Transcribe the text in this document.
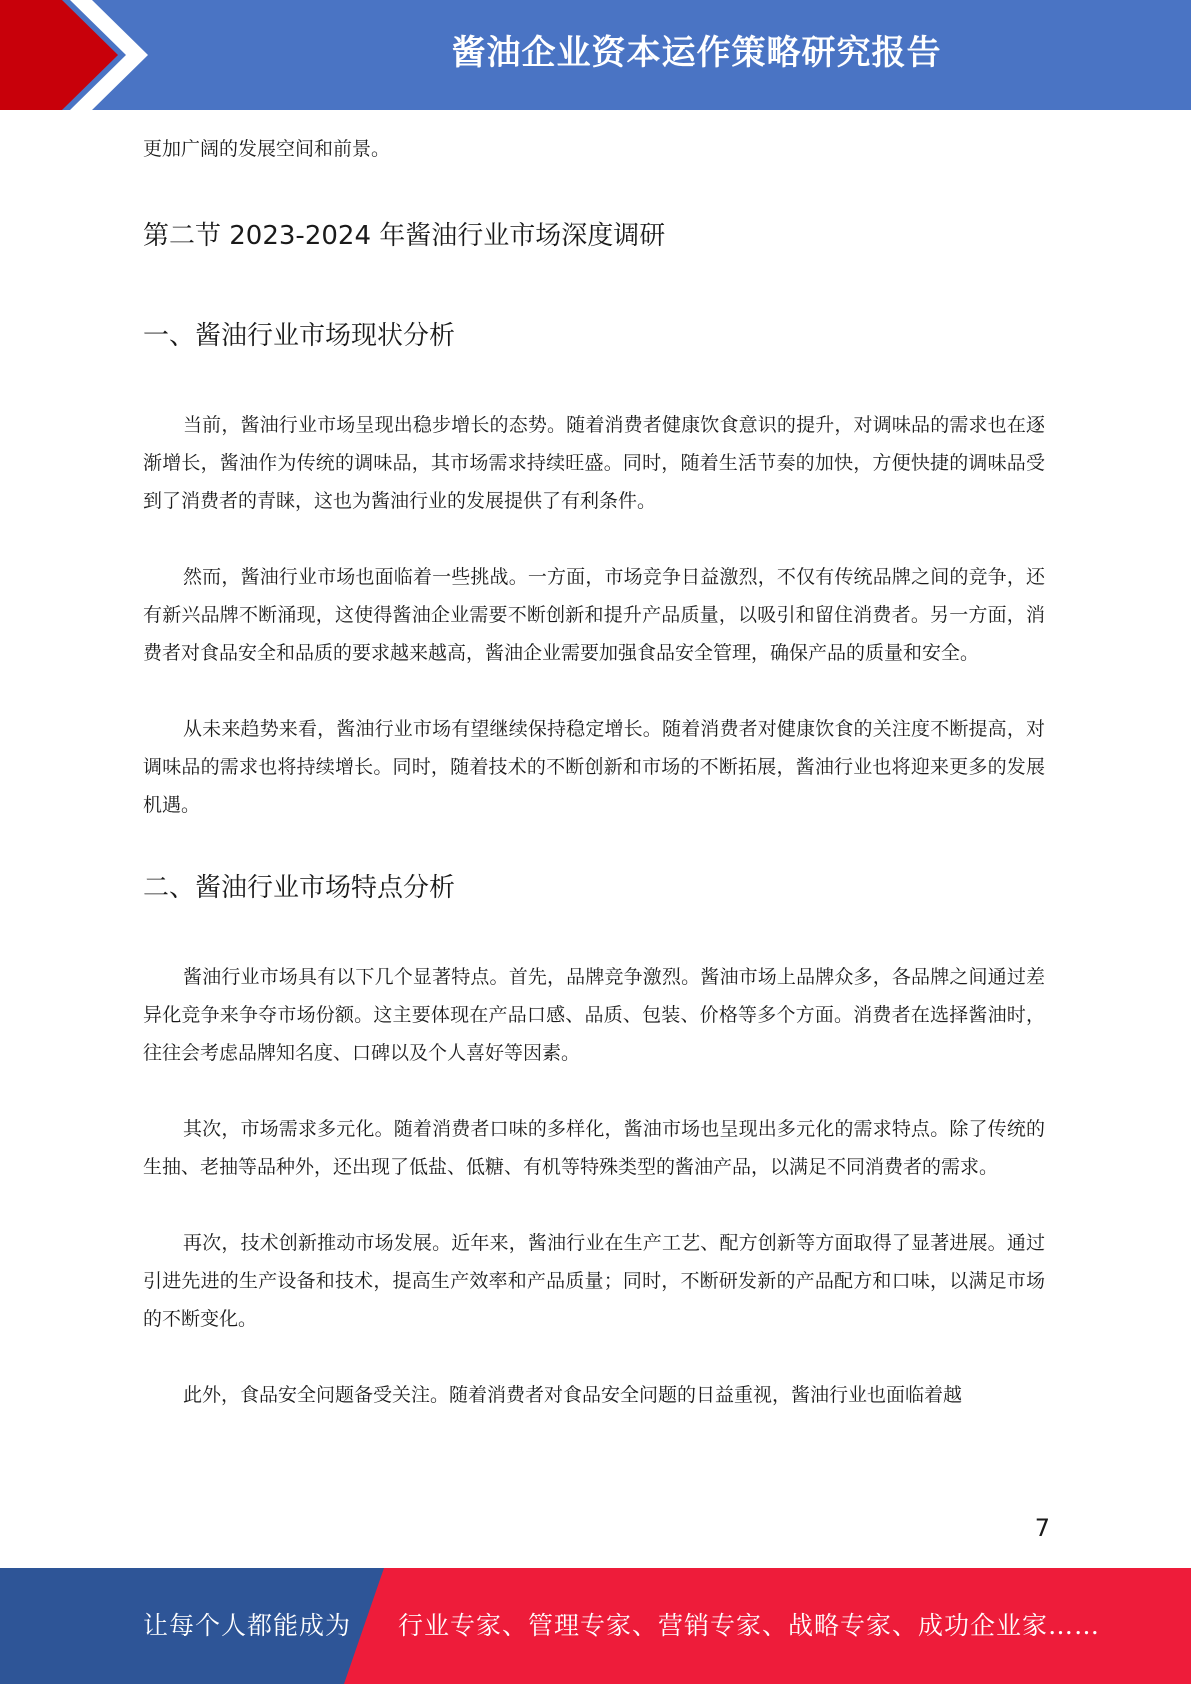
酱油企业资本运作策略研究报告

更加广阔的发展空间和前景。

第二节 2023-2024 年酱油行业市场深度调研
一、酱油行业市场现状分析

当前，酱油行业市场呈现出稳步增长的态势。随着消费者健康饮食意识的提升，对调味品的需求也在逐渐增长，酱油作为传统的调味品，其市场需求持续旺盛。同时，随着生活节奏的加快，方便快捷的调味品受到了消费者的青睐，这也为酱油行业的发展提供了有利条件。

然而，酱油行业市场也面临着一些挑战。一方面，市场竞争日益激烈，不仅有传统品牌之间的竞争，还有新兴品牌不断涌现，这使得酱油企业需要不断创新和提升产品质量，以吸引和留住消费者。另一方面，消费者对食品安全和品质的要求越来越高，酱油企业需要加强食品安全管理，确保产品的质量和安全。

从未来趋势来看，酱油行业市场有望继续保持稳定增长。随着消费者对健康饮食的关注度不断提高，对调味品的需求也将持续增长。同时，随着技术的不断创新和市场的不断拓展，酱油行业也将迎来更多的发展机遇。

二、酱油行业市场特点分析

酱油行业市场具有以下几个显著特点。首先，品牌竞争激烈。酱油市场上品牌众多，各品牌之间通过差异化竞争来争夺市场份额。这主要体现在产品口感、品质、包装、价格等多个方面。消费者在选择酱油时，往往会考虑品牌知名度、口碑以及个人喜好等因素。

其次，市场需求多元化。随着消费者口味的多样化，酱油市场也呈现出多元化的需求特点。除了传统的生抽、老抽等品种外，还出现了低盐、低糖、有机等特殊类型的酱油产品，以满足不同消费者的需求。

再次，技术创新推动市场发展。近年来，酱油行业在生产工艺、配方创新等方面取得了显著进展。通过引进先进的生产设备和技术，提高生产效率和产品质量；同时，不断研发新的产品配方和口味，以满足市场的不断变化。

此外，食品安全问题备受关注。随着消费者对食品安全问题的日益重视，酱油行业也面临着越

7
让每个人都能成为 行业专家、管理专家、营销专家、战略专家、成功企业家……
